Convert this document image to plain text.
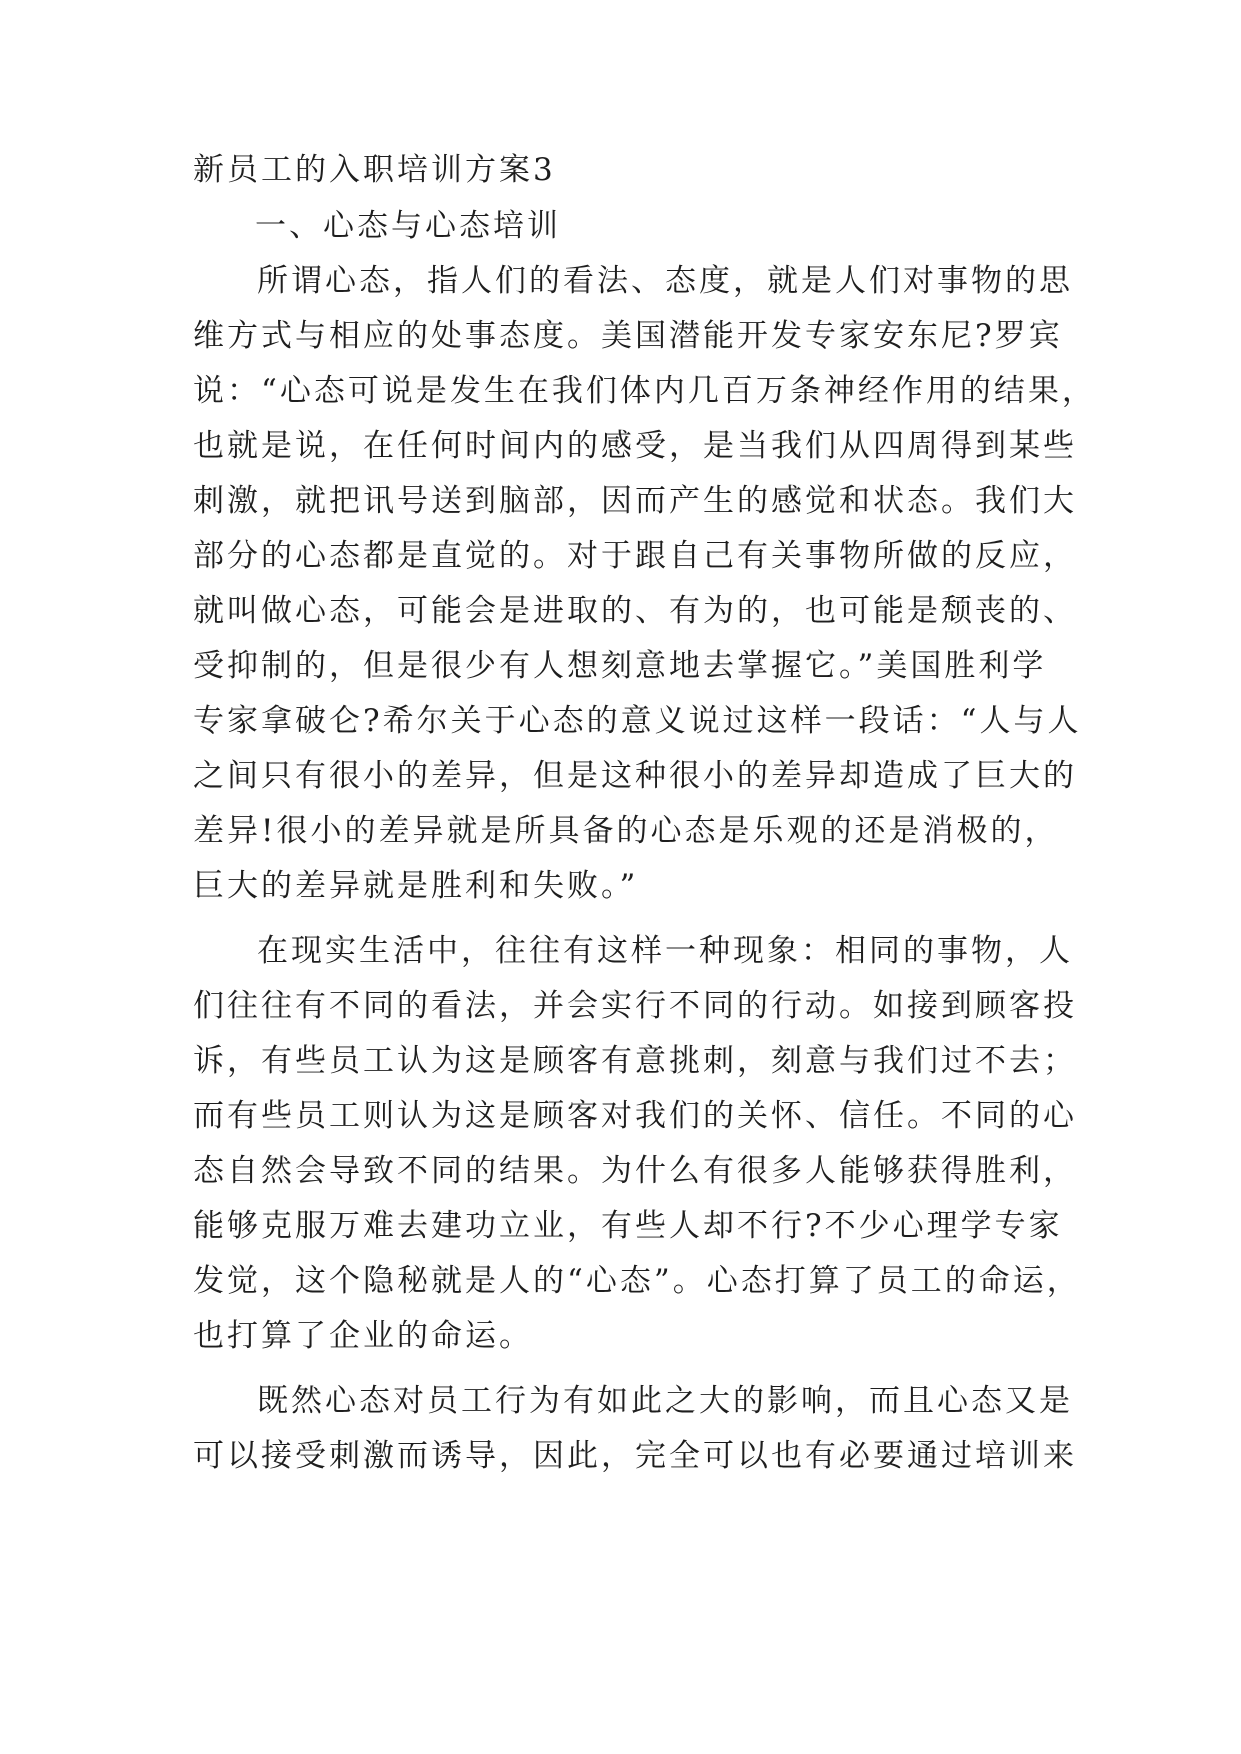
新员工的入职培训方案3

一、心态与心态培训

所谓心态，指人们的看法、态度，就是人们对事物的思

维方式与相应的处事态度。美国潜能开发专家安东尼?罗宾

说：“心态可说是发生在我们体内几百万条神经作用的结果，

也就是说，在任何时间内的感受，是当我们从四周得到某些

刺激，就把讯号送到脑部，因而产生的感觉和状态。我们大

部分的心态都是直觉的。对于跟自己有关事物所做的反应，

就叫做心态，可能会是进取的、有为的，也可能是颓丧的、

受抑制的，但是很少有人想刻意地去掌握它。”美国胜利学

专家拿破仑?希尔关于心态的意义说过这样一段话：“人与人

之间只有很小的差异，但是这种很小的差异却造成了巨大的

差异!很小的差异就是所具备的心态是乐观的还是消极的，

巨大的差异就是胜利和失败。”

在现实生活中，往往有这样一种现象：相同的事物，人

们往往有不同的看法，并会实行不同的行动。如接到顾客投

诉，有些员工认为这是顾客有意挑刺，刻意与我们过不去；

而有些员工则认为这是顾客对我们的关怀、信任。不同的心

态自然会导致不同的结果。为什么有很多人能够获得胜利，

能够克服万难去建功立业，有些人却不行?不少心理学专家

发觉，这个隐秘就是人的“心态”。心态打算了员工的命运，

也打算了企业的命运。

既然心态对员工行为有如此之大的影响，而且心态又是

可以接受刺激而诱导，因此，完全可以也有必要通过培训来
